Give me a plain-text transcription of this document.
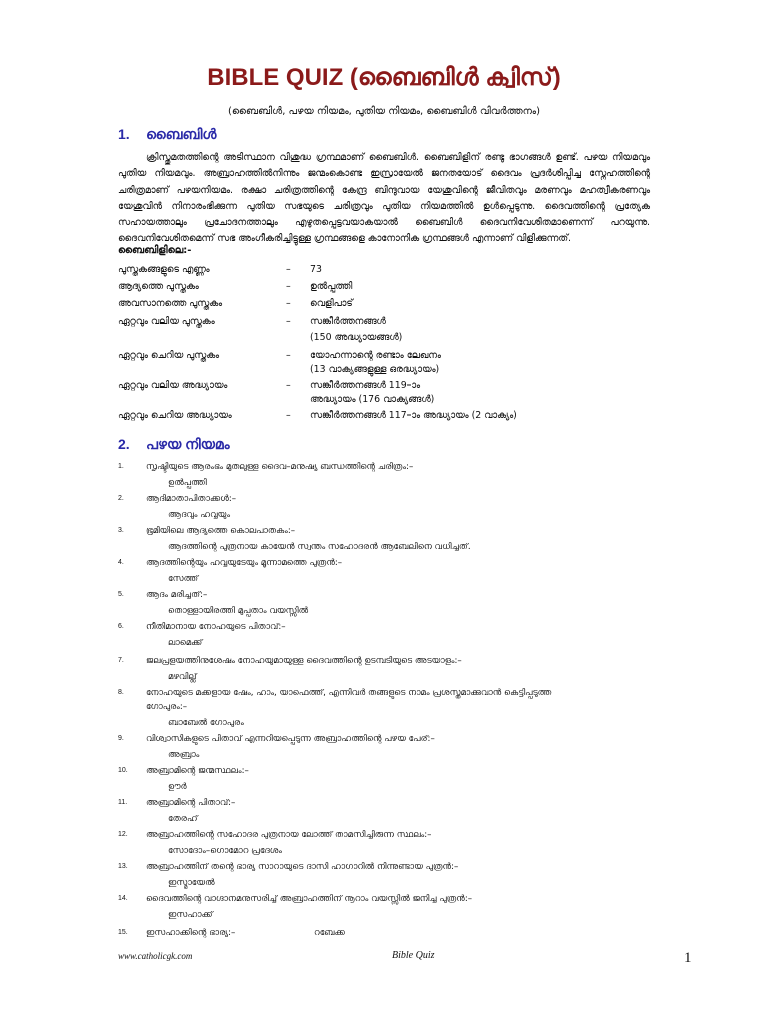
BIBLE QUIZ (ബൈബിൾ ക്വിസ്)
(ബൈബിൾ, പഴയ നിയമം, പുതിയ നിയമം, ബൈബിൾ വിവർത്തനം)
1. ബൈബിൾ
ക്രിസ്തുമതത്തിന്റെ അടിസ്ഥാന വിശുദ്ധ ഗ്രന്ഥമാണ് ബൈബിൾ. ബൈബിളിന് രണ്ടു ഭാഗങ്ങൾ ഉണ്ട്. പഴയ നിയമവും പുതിയ നിയമവും. അബ്രാഹത്തിൽനിന്നും ജന്മംകൊണ്ട ഇസ്രായേൽ ജനതയോട് ദൈവം പ്രദർശിപ്പിച്ച സ്നേഹത്തിന്റെ ചരിത്രമാണ് പഴയനിയമം. രക്ഷാ ചരിത്രത്തിന്റെ കേന്ദ്ര ബിന്ദുവായ യേശുവിന്റെ ജീവിതവും മരണവും മഹത്വീകരണവും യേശുവിൻ നിനാരംഭിക്കുന്ന പുതിയ സഭയുടെ ചരിത്രവും പുതിയ നിയമത്തിൽ ഉൾപ്പെടുന്നു. ദൈവത്തിന്റെ പ്രത്യേക സഹായത്താലും പ്രചോദനത്താലും എഴുതപ്പെട്ടവയാകയാൽ ബൈബിൾ ദൈവനിവേശിതമാണെന്ന് പറയുന്നു. ദൈവനിവേശിതമെന്ന് സഭ അംഗീകരിച്ചിട്ടുള്ള ഗ്രന്ഥങ്ങളെ കാനോനിക ഗ്രന്ഥങ്ങൾ എന്നാണ് വിളിക്കുന്നത്.
ബൈബിളിലെ:-
പുസ്തകങ്ങളുടെ എണ്ണം	–	73
ആദ്യത്തെ പുസ്തകം	–	ഉൽപ്പത്തി
അവസാനത്തെ പുസ്തകം	–	വെളിപാട്
ഏറ്റവും വലിയ പുസ്തകം	–	സങ്കീർത്തനങ്ങൾ
(150 അദ്ധ്യായങ്ങൾ)
ഏറ്റവും ചെറിയ പുസ്തകം	–	യോഹന്നാന്റെ രണ്ടാം ലേഖനം
(13 വാക്യങ്ങളുള്ള ഒരദ്ധ്യായം)
ഏറ്റവും വലിയ അദ്ധ്യായം	–	സങ്കീർത്തനങ്ങൾ 119–ാം
അദ്ധ്യായം (176 വാക്യങ്ങൾ)
ഏറ്റവും ചെറിയ അദ്ധ്യായം	–	സങ്കീർത്തനങ്ങൾ 117–ാം അദ്ധ്യായം (2 വാക്യം)
2. പഴയ നിയമം
1.	സൃഷ്ടിയുടെ ആരംഭം മുതലുള്ള ദൈവ–മനുഷ്യ ബന്ധത്തിന്റെ ചരിത്രം:–
ഉൽപ്പത്തി
2.	ആദിമാതാപിതാക്കൾ:–
ആദവും ഹവ്വയും
3.	ഭൂമിയിലെ ആദ്യത്തെ കൊലപാതകം:–
ആദത്തിന്റെ പുത്രനായ കായേൻ സ്വന്തം സഹോദരൻ ആബേലിനെ വധിച്ചത്.
4.	ആദത്തിന്റെയും ഹവ്വയുടേയും മൂന്നാമത്തെ പുത്രൻ:–
സേത്ത്
5.	ആദം മരിച്ചത്:–
തൊള്ളായിരത്തി മുപ്പതാം വയസ്സിൽ
6.	നീതിമാനായ നോഹയുടെ പിതാവ്:–
ലാമെക്ക്
7.	ജലപ്രളയത്തിനുശേഷം നോഹയുമായുള്ള ദൈവത്തിന്റെ ഉടമ്പടിയുടെ അടയാളം:–
മഴവില്ല്
8.	നോഹയുടെ മക്കളായ ഷേം, ഹാം, യാഫെത്ത്, എന്നിവർ തങ്ങളുടെ നാമം പ്രശസ്തമാക്കുവാൻ കെട്ടിപ്പടുത്ത
ഗോപുരം:–
ബാബേൽ ഗോപുരം
9.	വിശ്വാസികളുടെ പിതാവ് എന്നറിയപ്പെടുന്ന അബ്രാഹത്തിന്റെ പഴയ പേര്:–
അബ്രാം
10.	അബ്രാമിന്റെ ജന്മസ്ഥലം:–
ഊർ
11.	അബ്രാമിന്റെ പിതാവ്:–
തേരഹ്
12.	അബ്രാഹത്തിന്റെ സഹോദര പുത്രനായ ലോത്ത് താമസിച്ചിരുന്ന സ്ഥലം:–
സോദോം–ഗൊമോറ പ്രദേശം
13.	അബ്രാഹത്തിന് തന്റെ ഭാര്യ സാറായുടെ ദാസി ഹാഗാറിൽ നിന്നുണ്ടായ പുത്രൻ:–
ഇസ്മായേൽ
14.	ദൈവത്തിന്റെ വാഗ്ദാനമനുസരിച്ച് അബ്രാഹത്തിന് നൂറാം വയസ്സിൽ ജനിച്ച പുത്രൻ:–
ഇസഹാക്ക്
15.	ഇസഹാക്കിന്റെ ഭാര്യ:–	റബേക്ക
www.catholicgk.com	Bible Quiz	1
